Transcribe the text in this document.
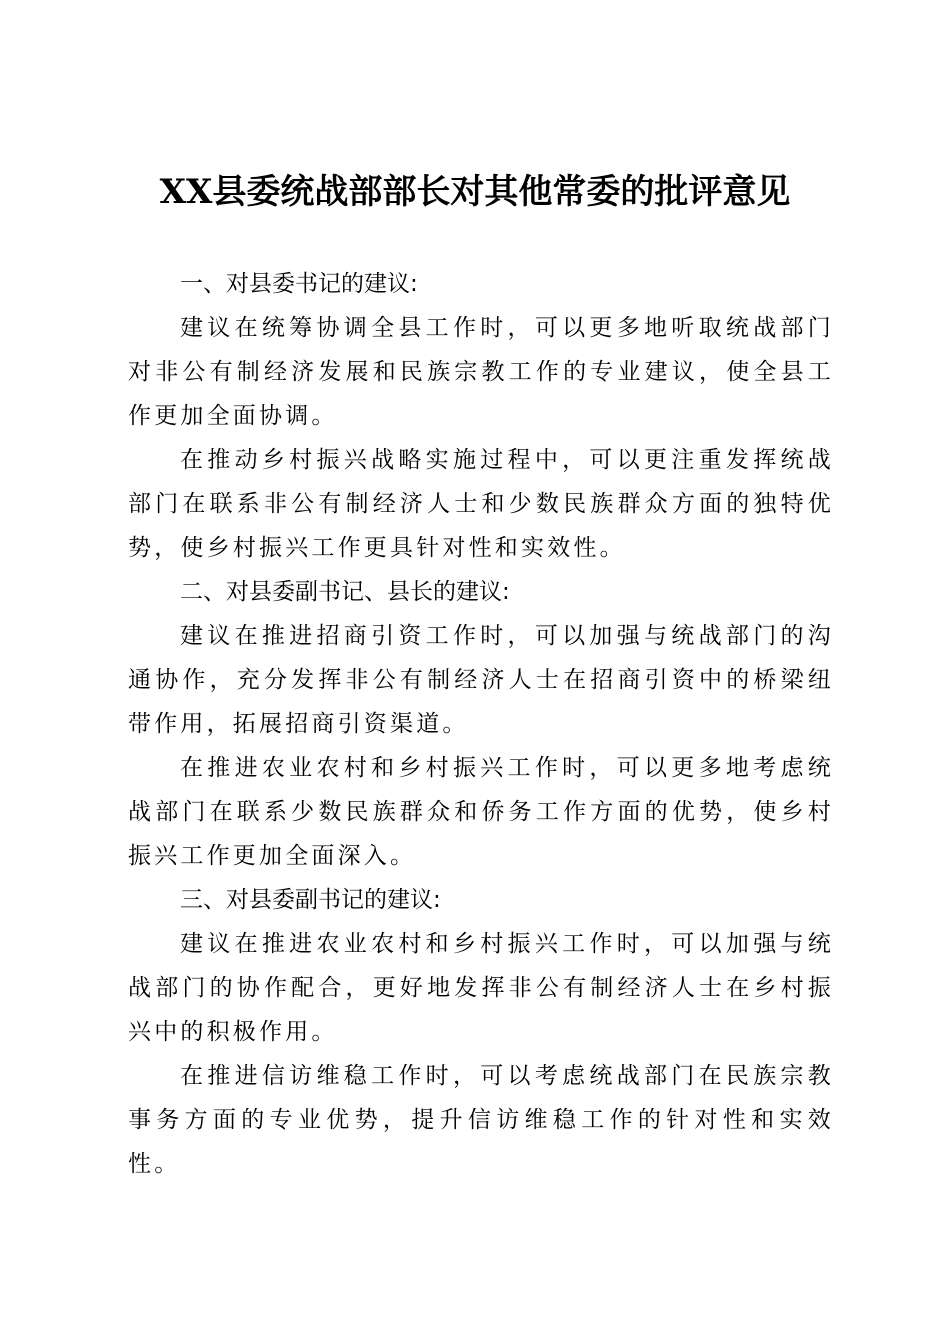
XX县委统战部部长对其他常委的批评意见

一、对县委书记的建议:

建议在统筹协调全县工作时，可以更多地听取统战部门对非公有制经济发展和民族宗教工作的专业建议，使全县工作更加全面协调。

在推动乡村振兴战略实施过程中，可以更注重发挥统战部门在联系非公有制经济人士和少数民族群众方面的独特优势，使乡村振兴工作更具针对性和实效性。

二、对县委副书记、县长的建议:

建议在推进招商引资工作时，可以加强与统战部门的沟通协作，充分发挥非公有制经济人士在招商引资中的桥梁纽带作用，拓展招商引资渠道。

在推进农业农村和乡村振兴工作时，可以更多地考虑统战部门在联系少数民族群众和侨务工作方面的优势，使乡村振兴工作更加全面深入。

三、对县委副书记的建议:

建议在推进农业农村和乡村振兴工作时，可以加强与统战部门的协作配合，更好地发挥非公有制经济人士在乡村振兴中的积极作用。

在推进信访维稳工作时，可以考虑统战部门在民族宗教事务方面的专业优势，提升信访维稳工作的针对性和实效性。
